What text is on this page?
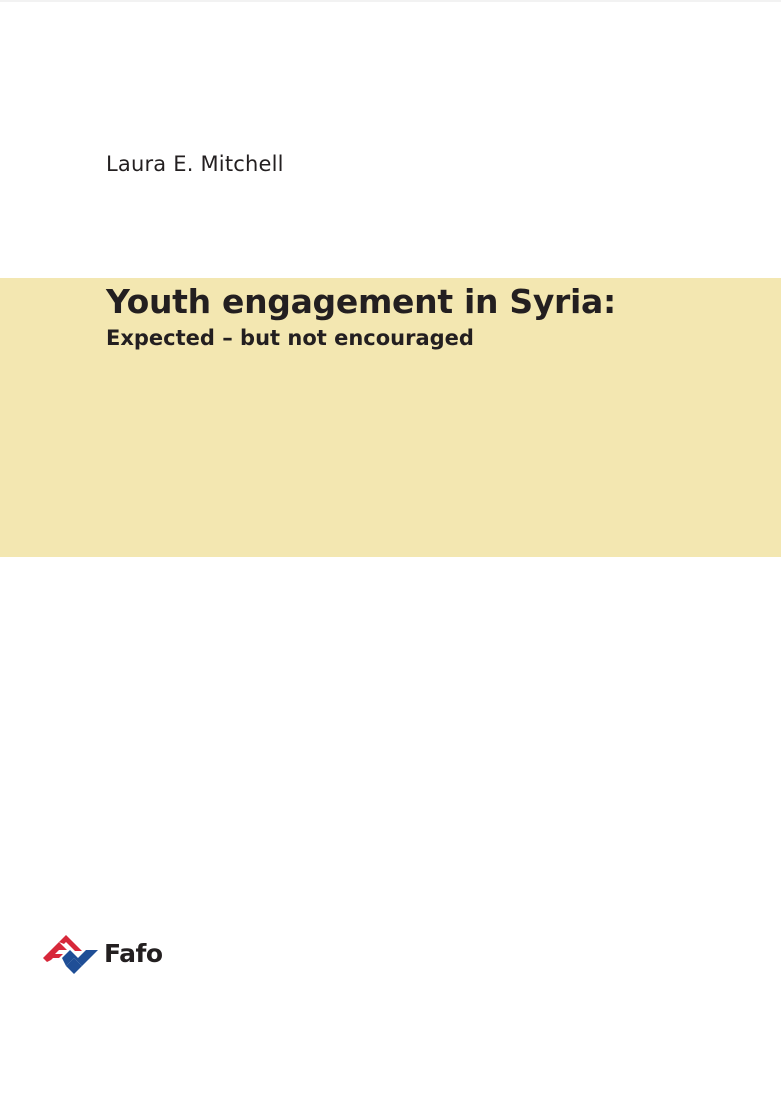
Laura E. Mitchell
Youth engagement in Syria:
Expected – but not encouraged
Fafo
